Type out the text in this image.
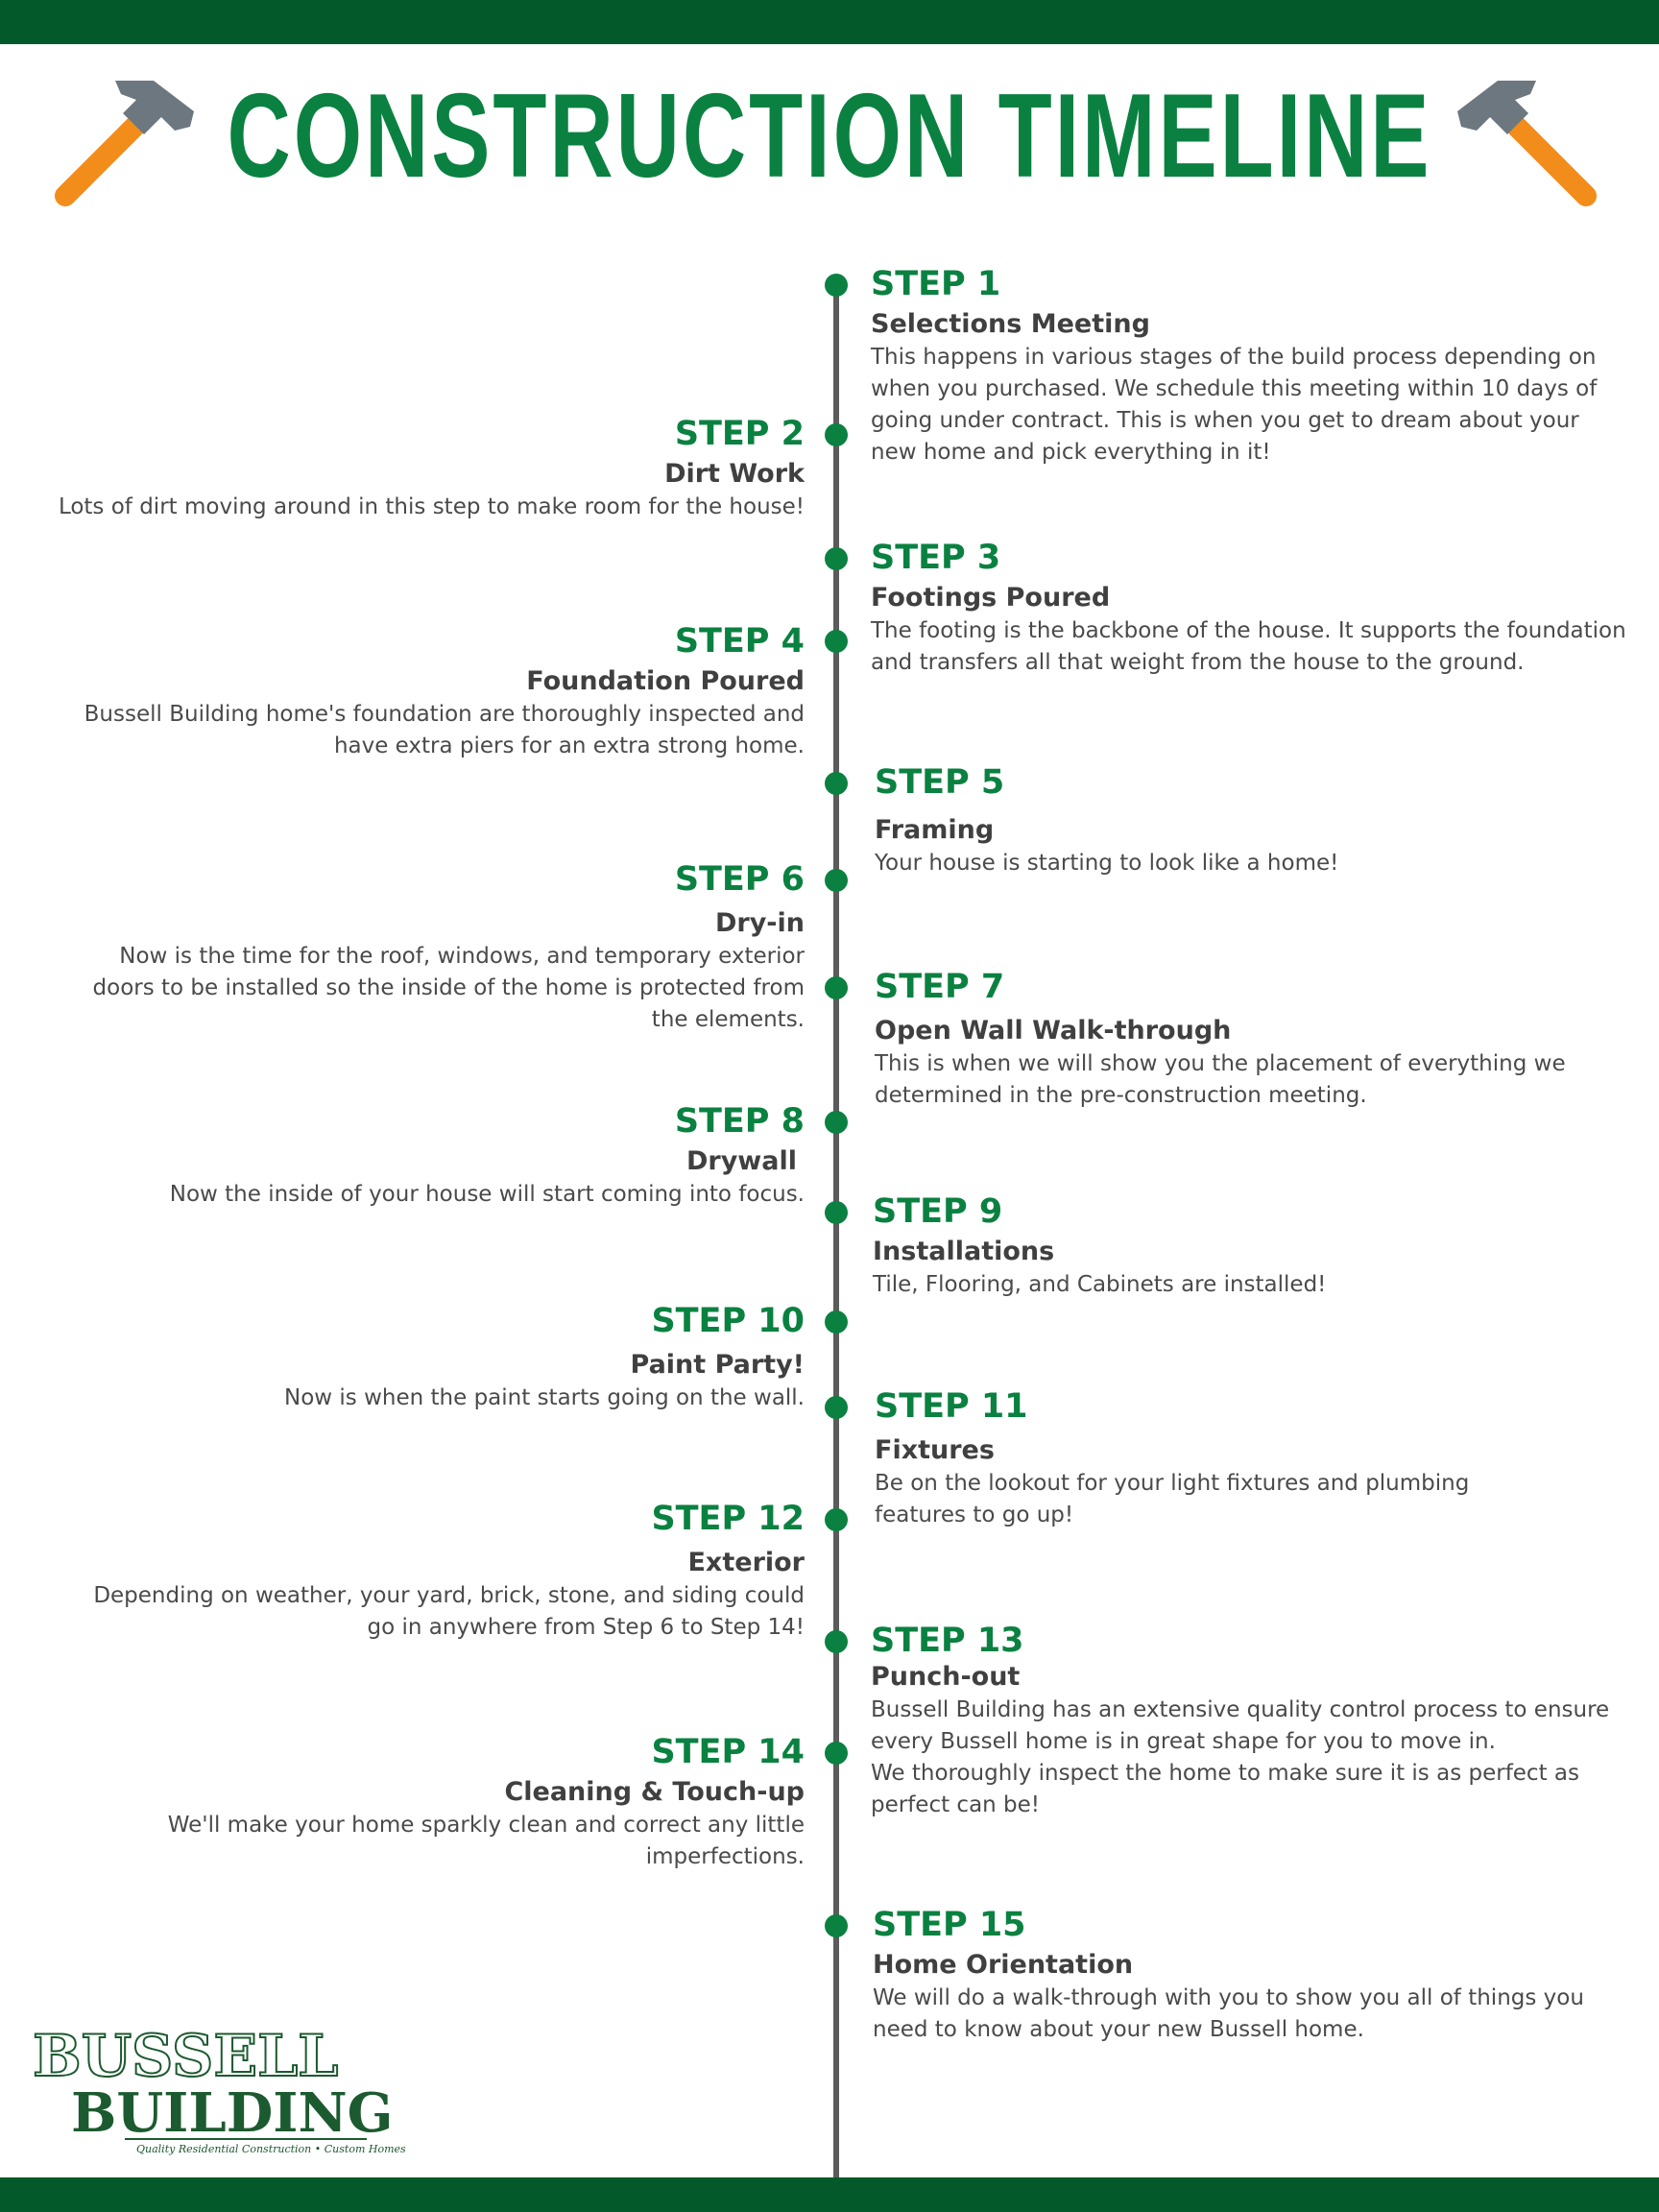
CONSTRUCTION TIMELINE
STEP 1
Selections Meeting
This happens in various stages of the build process depending on
when you purchased. We schedule this meeting within 10 days of
going under contract. This is when you get to dream about your
new home and pick everything in it!
STEP 2
Dirt Work
Lots of dirt moving around in this step to make room for the house!
STEP 3
Footings Poured
The footing is the backbone of the house. It supports the foundation
and transfers all that weight from the house to the ground.
STEP 4
Foundation Poured
Bussell Building home's foundation are thoroughly inspected and
have extra piers for an extra strong home.
STEP 5
Framing
Your house is starting to look like a home!
STEP 6
Dry-in
Now is the time for the roof, windows, and temporary exterior
doors to be installed so the inside of the home is protected from
the elements.
STEP 7
Open Wall Walk-through
This is when we will show you the placement of everything we
determined in the pre-construction meeting.
STEP 8
Drywall
Now the inside of your house will start coming into focus. STEP 9
Installations
Tile, Flooring, and Cabinets are installed!
STEP 10
Paint Party!
Now is when the paint starts going on the wall. STEP 11
Fixtures
Be on the lookout for your light fixtures and plumbing
features to go up!
STEP 12
Exterior
Depending on weather, your yard, brick, stone, and siding could
go in anywhere from Step 6 to Step 14! STEP 13
Punch-out
Bussell Building has an extensive quality control process to ensure
every Bussell home is in great shape for you to move in.
We thoroughly inspect the home to make sure it is as perfect as
perfect can be!
STEP 14
Cleaning & Touch-up
We'll make your home sparkly clean and correct any little
imperfections.
STEP 15
Home Orientation
We will do a walk-through with you to show you all of things you
need to know about your new Bussell home.
BUSSELL
BUILDING
Quality Residential Construction • Custom Homes
